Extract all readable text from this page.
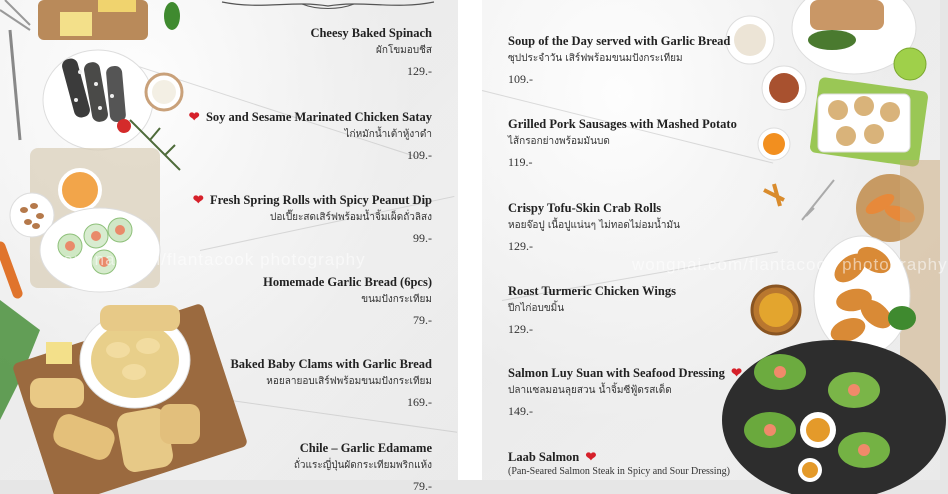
Cheesy Baked Spinach
ผักโขมอบชีส
129.-
❤ Soy and Sesame Marinated Chicken Satay
ไก่หมักน้ำเต้าหู้งาดำ
109.-
❤ Fresh Spring Rolls with Spicy Peanut Dip
ปอเปี๊ยะสดเสิร์ฟพร้อมน้ำจิ้มเผ็ดถั่วลิสง
99.-
Homemade Garlic Bread (6pcs)
ขนมปังกระเทียม
79.-
Baked Baby Clams with Garlic Bread
หอยลายอบเสิร์ฟพร้อมขนมปังกระเทียม
169.-
Chile – Garlic Edamame
ถั่วแระญี่ปุ่นผัดกระเทียมพริกแห้ง
79.-
wongnai.com/flantacook photography
Soup of the Day served with Garlic Bread
ซุปประจำวัน เสิร์ฟพร้อมขนมปังกระเทียม
109.-
Grilled Pork Sausages with Mashed Potato
ไส้กรอกย่างพร้อมมันบด
119.-
Crispy Tofu-Skin Crab Rolls
หอยจ๊อปู เนื้อปูแน่นๆ ไม่ทอดไม่อมน้ำมัน
129.-
Roast Turmeric Chicken Wings
ปีกไก่อบขมิ้น
129.-
Salmon Luy Suan with Seafood Dressing ❤
ปลาแซลมอนลุยสวน น้ำจิ้มซีฟู้ดรสเด็ด
149.-
Laab Salmon ❤
(Pan-Seared Salmon Steak in Spicy and Sour Dressing)
wongnai.com/flantacook photography
